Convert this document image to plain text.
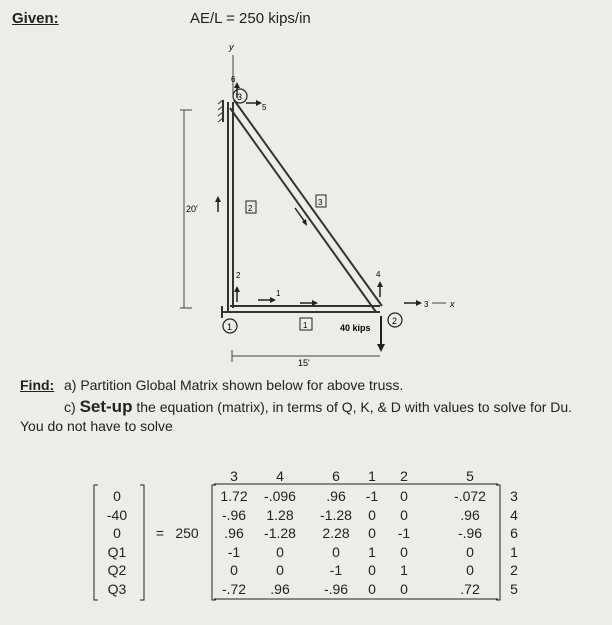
Given:	AE/L = 250 kips/in
y
6
5
3
1
2
2
3
1
2
1
4
3 x
40 kips
20'
15'
Find: a) Partition Global Matrix shown below for above truss.
c) Set-up the equation (matrix), in terms of Q, K, & D with values to solve for Du.
You do not have to solve
0
-40
0
Q1
Q2
Q3
= 250
3	4	6	1	2	5
1.72	-.096	.96	-1	0	-.072
-.96	1.28	-1.28	0	0	.96
.96	-1.28	2.28	0	-1	-.96
-1	0	0	1	0	0
0	0	-1	0	1	0
-.72	.96	-.96	0	0	.72
3
4
6
1
2
5
